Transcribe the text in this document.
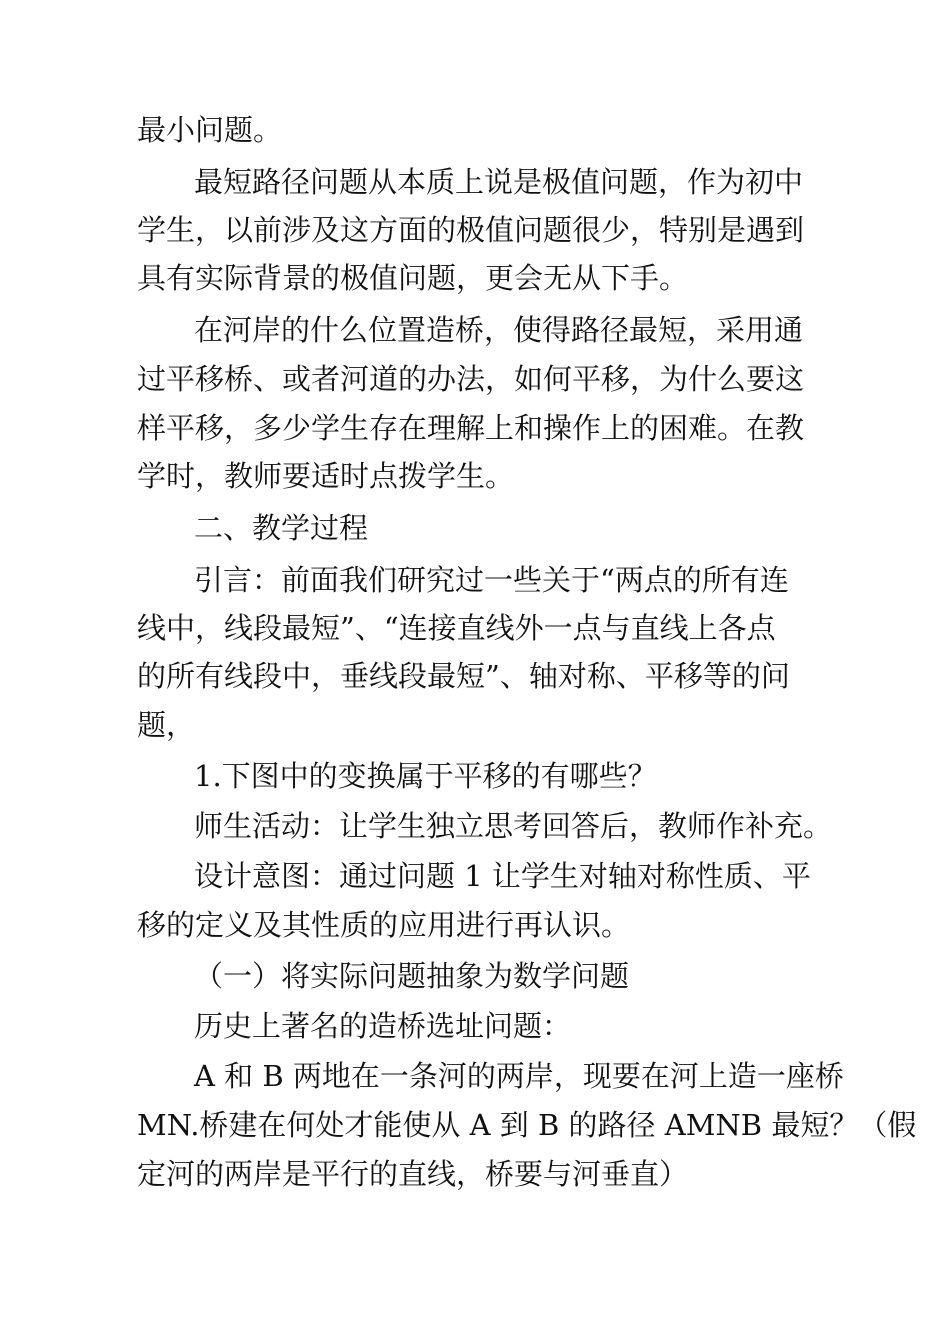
最小问题。
最短路径问题从本质上说是极值问题，作为初中
学生，以前涉及这方面的极值问题很少，特别是遇到
具有实际背景的极值问题，更会无从下手。
在河岸的什么位置造桥，使得路径最短，采用通
过平移桥、或者河道的办法，如何平移，为什么要这
样平移，多少学生存在理解上和操作上的困难。在教
学时，教师要适时点拨学生。
二、教学过程
引言：前面我们研究过一些关于“两点的所有连
线中，线段最短”、“连接直线外一点与直线上各点
的所有线段中，垂线段最短”、轴对称、平移等的问
题，
1.下图中的变换属于平移的有哪些？
师生活动：让学生独立思考回答后，教师作补充。
设计意图：通过问题 1 让学生对轴对称性质、平
移的定义及其性质的应用进行再认识。
（一）将实际问题抽象为数学问题
历史上著名的造桥选址问题：
A 和 B 两地在一条河的两岸，现要在河上造一座桥
MN.桥建在何处才能使从 A 到 B 的路径 AMNB 最短？（假
定河的两岸是平行的直线，桥要与河垂直）
